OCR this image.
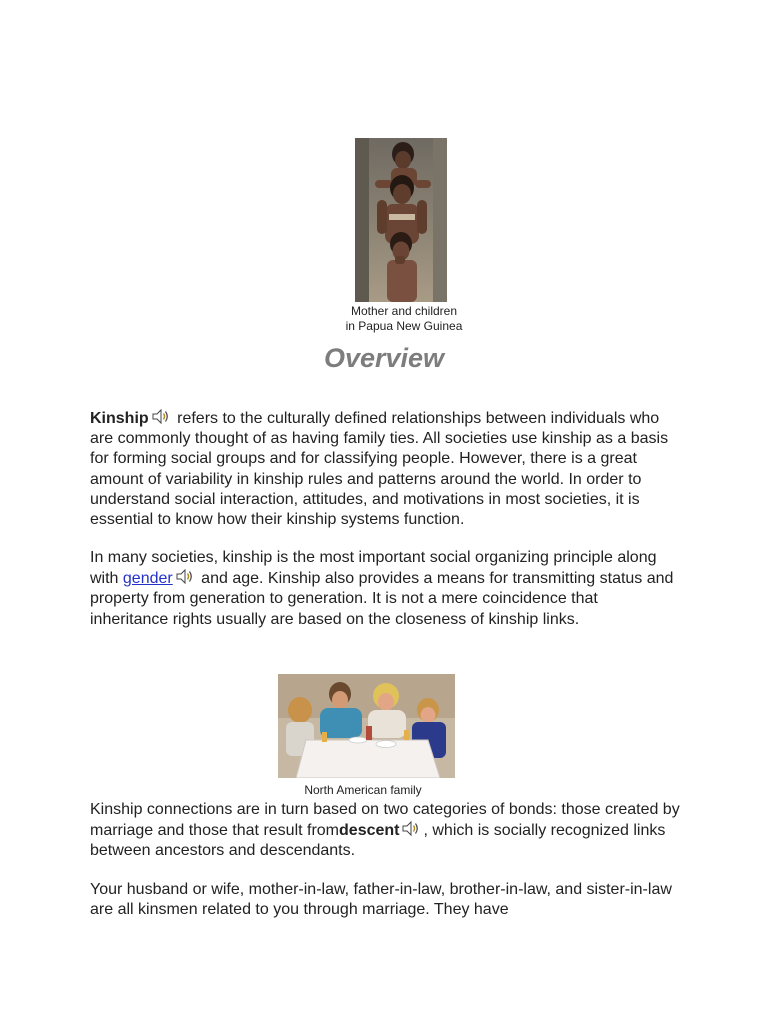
Mother and children
in Papua New Guinea
Overview

Kinship refers to the culturally defined relationships between individuals who are commonly thought of as having family ties. All societies use kinship as a basis for forming social groups and for classifying people. However, there is a great amount of variability in kinship rules and patterns around the world. In order to understand social interaction, attitudes, and motivations in most societies, it is essential to know how their kinship systems function.

In many societies, kinship is the most important social organizing principle along with gender and age. Kinship also provides a means for transmitting status and property from generation to generation. It is not a mere coincidence that inheritance rights usually are based on the closeness of kinship links.

North American family

Kinship connections are in turn based on two categories of bonds: those created by marriage and those that result fromdescent , which is socially recognized links between ancestors and descendants.

Your husband or wife, mother-in-law, father-in-law, brother-in-law, and sister-in-law are all kinsmen related to you through marriage. They have
